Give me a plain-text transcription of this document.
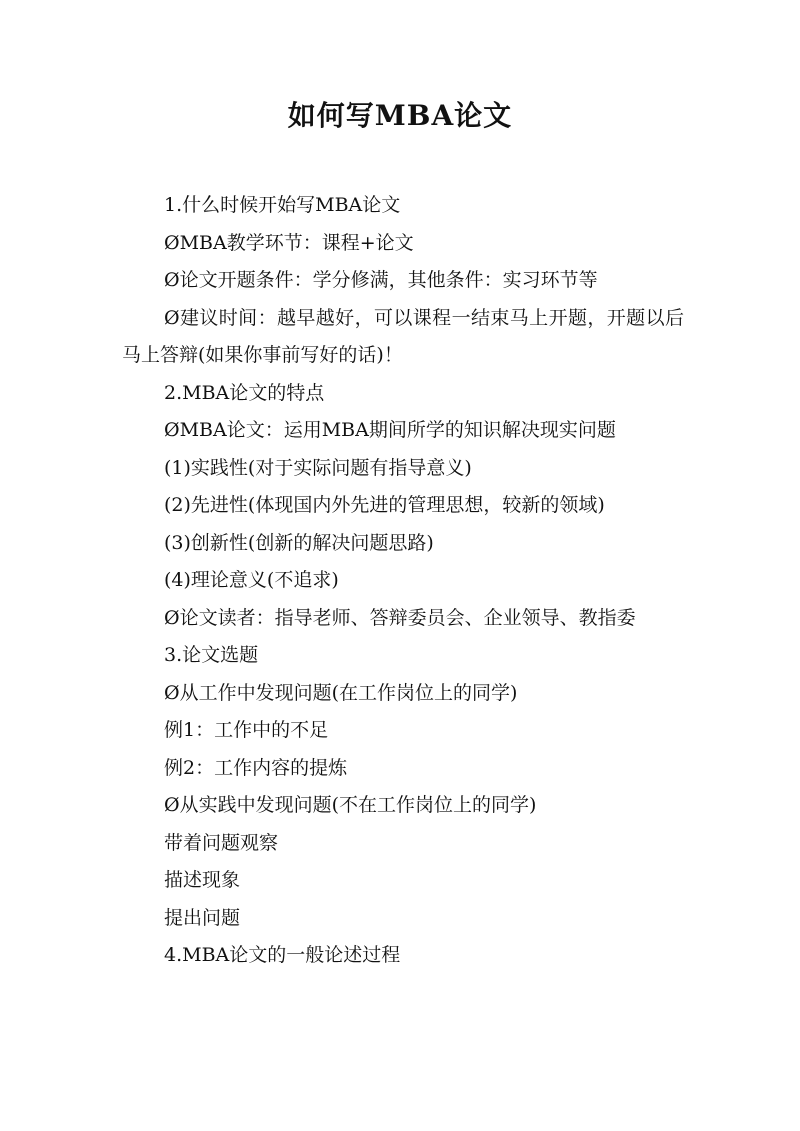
如何写MBA论文

1.什么时候开始写MBA论文

ØMBA教学环节：课程+论文

Ø论文开题条件：学分修满，其他条件：实习环节等

Ø建议时间：越早越好，可以课程一结束马上开题，开题以后马上答辩(如果你事前写好的话)！

2.MBA论文的特点

ØMBA论文：运用MBA期间所学的知识解决现实问题

(1)实践性(对于实际问题有指导意义)

(2)先进性(体现国内外先进的管理思想，较新的领域)

(3)创新性(创新的解决问题思路)

(4)理论意义(不追求)

Ø论文读者：指导老师、答辩委员会、企业领导、教指委

3.论文选题

Ø从工作中发现问题(在工作岗位上的同学)

例1：工作中的不足

例2：工作内容的提炼

Ø从实践中发现问题(不在工作岗位上的同学)

带着问题观察

描述现象

提出问题

4.MBA论文的一般论述过程
